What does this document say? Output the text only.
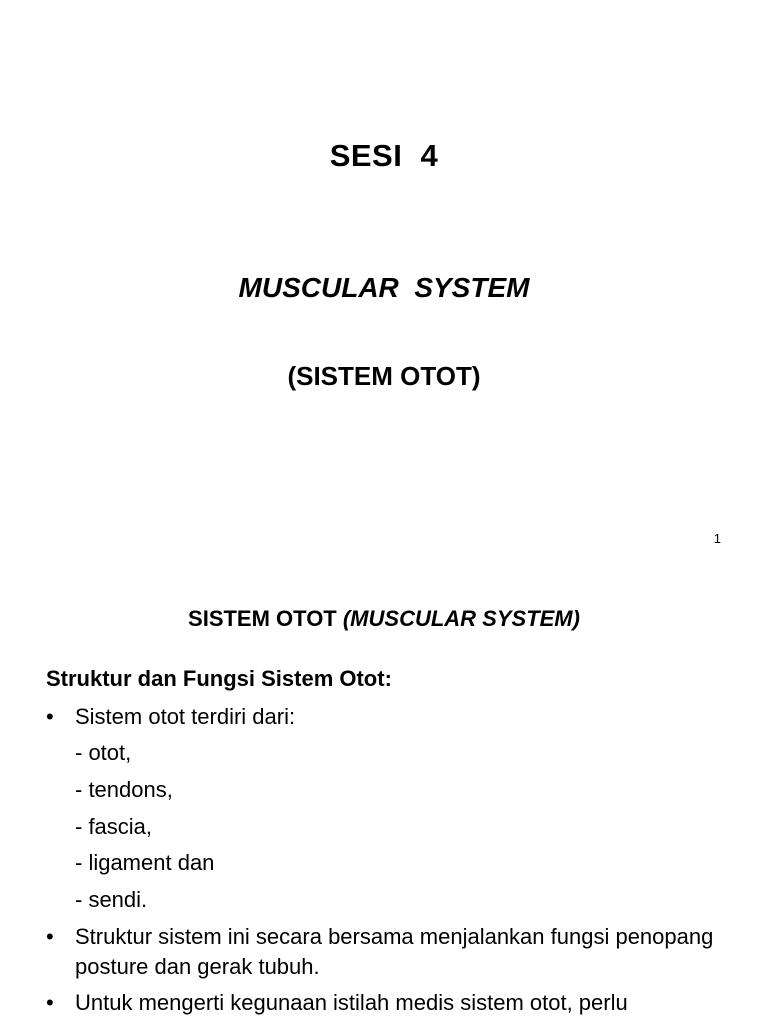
SESI  4
MUSCULAR  SYSTEM
(SISTEM OTOT)
1
SISTEM OTOT (MUSCULAR SYSTEM)
Struktur dan Fungsi Sistem Otot:
• Sistem otot terdiri dari:
- otot,
- tendons,
- fascia,
- ligament dan
- sendi.
• Struktur sistem ini secara bersama menjalankan fungsi penopang posture dan gerak tubuh.
• Untuk mengerti kegunaan istilah medis sistem otot, perlu
